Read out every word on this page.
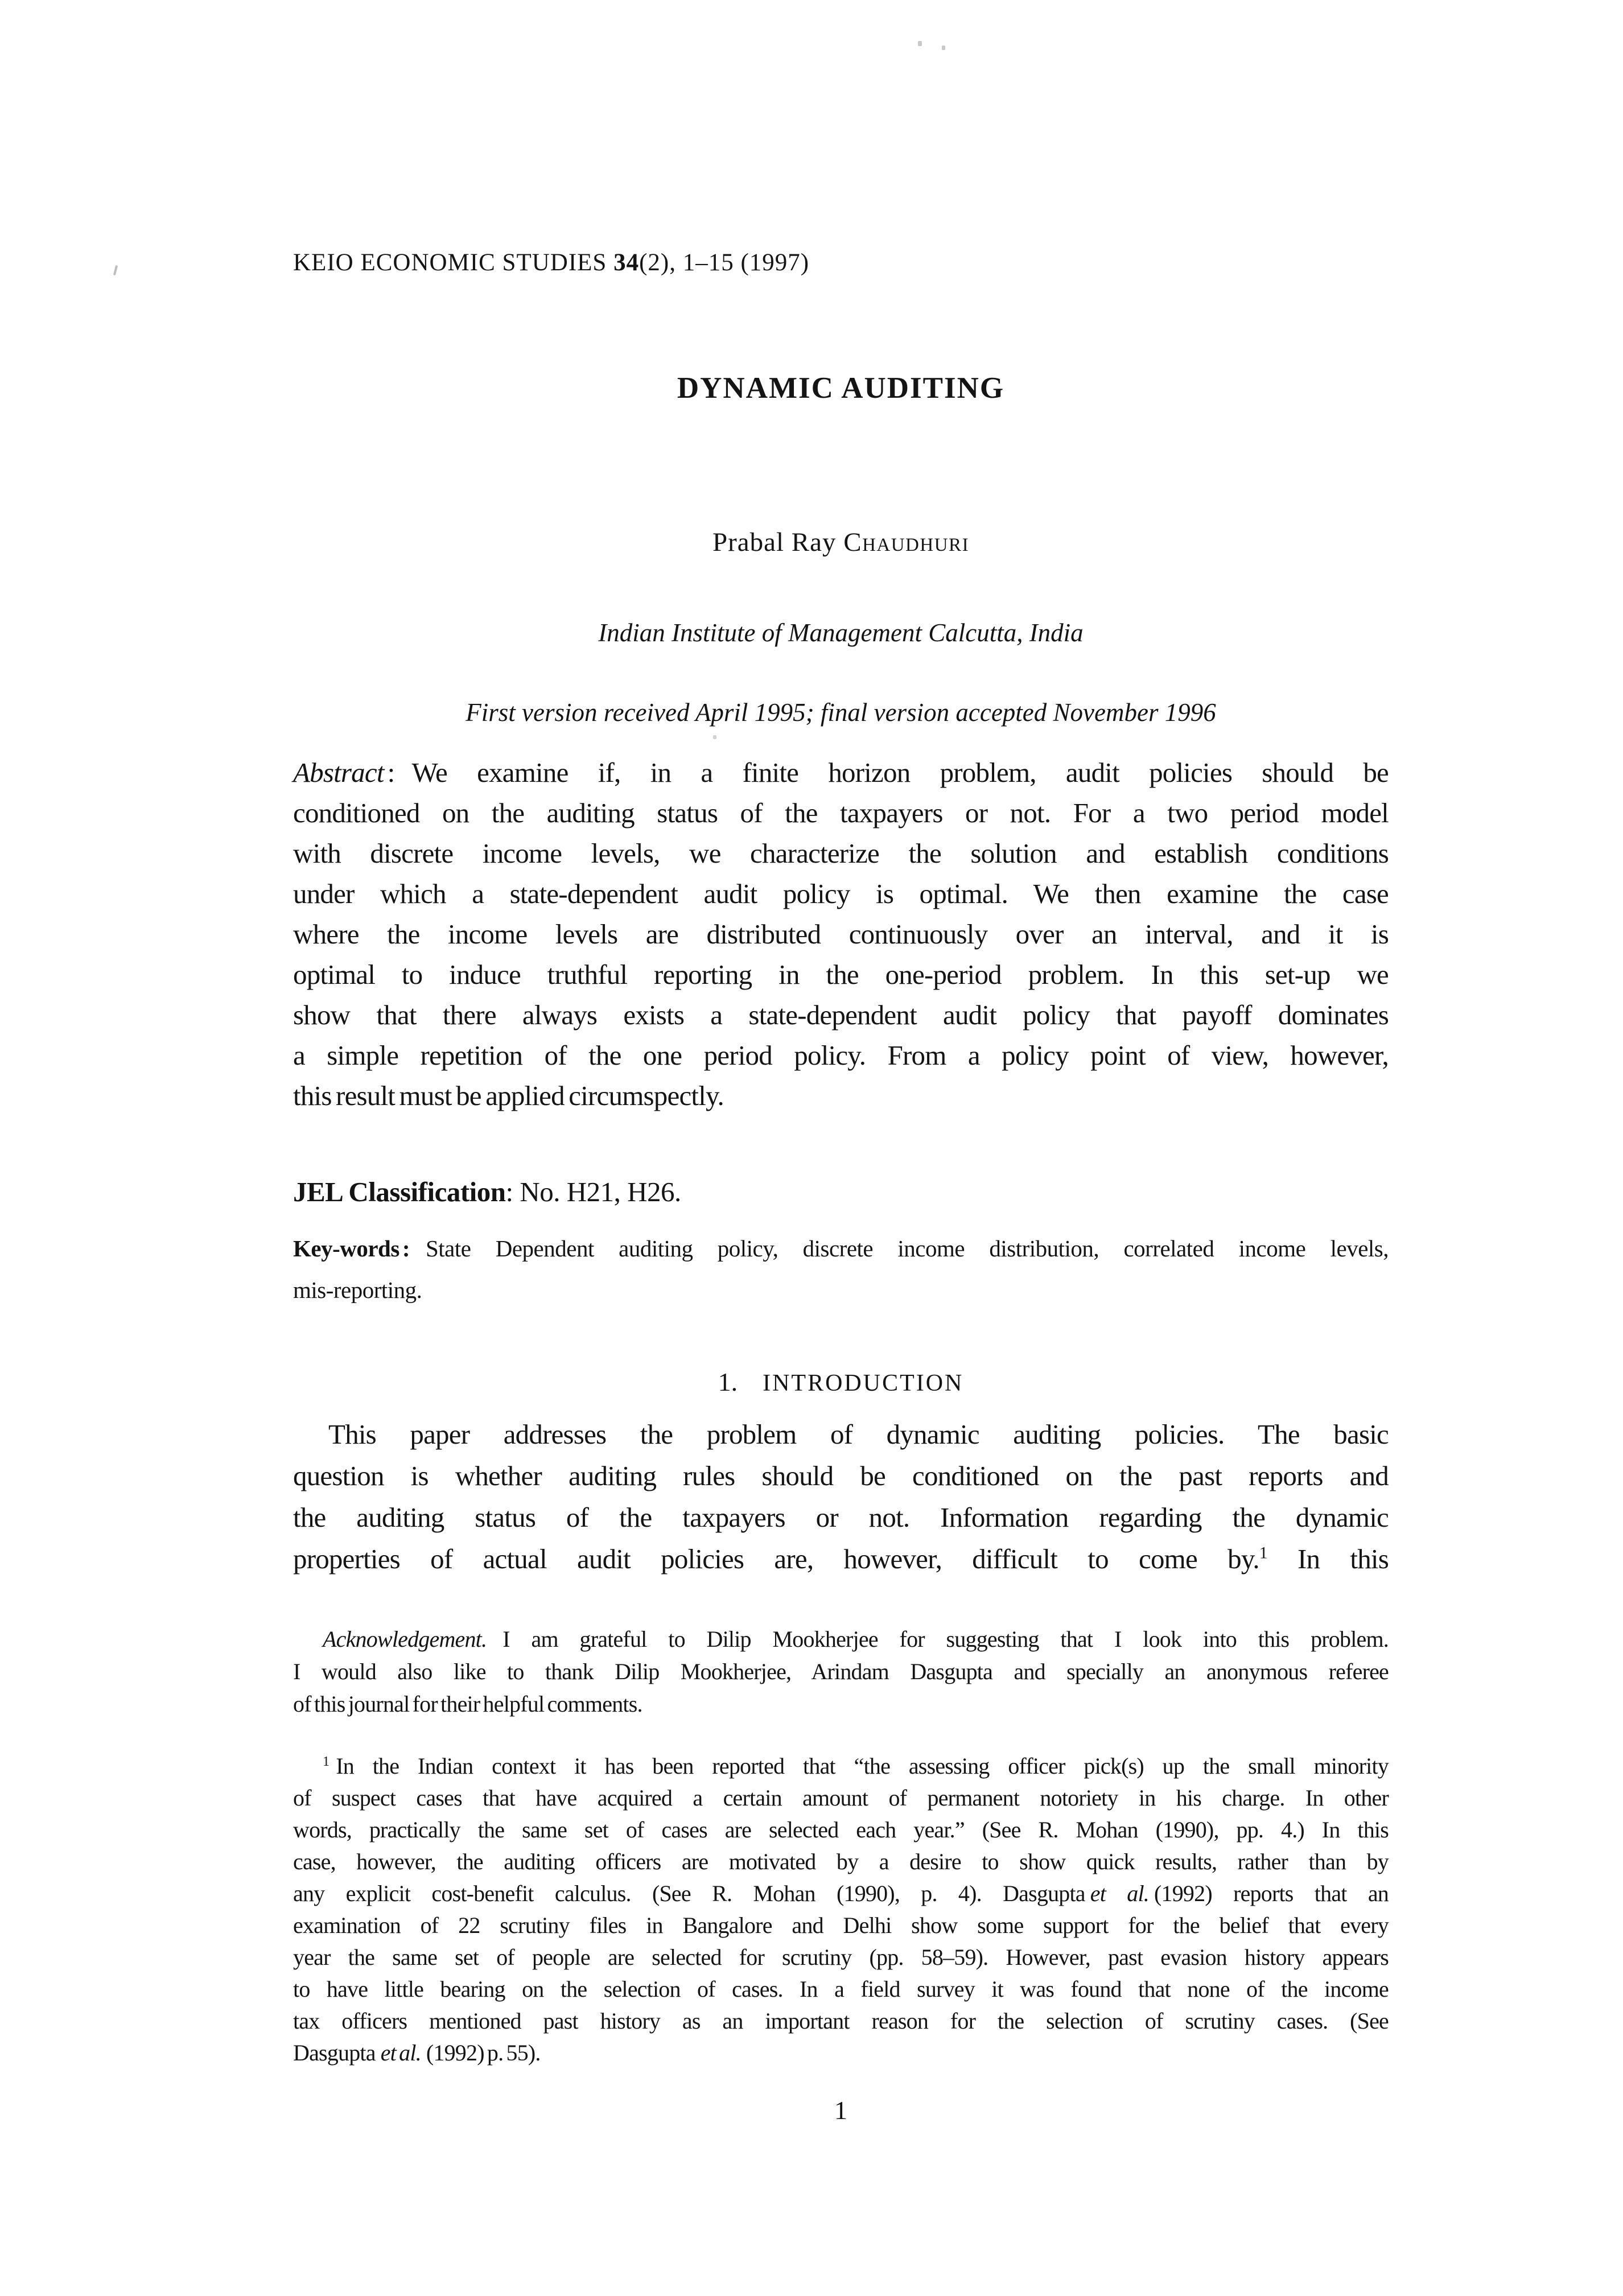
KEIO ECONOMIC STUDIES 34(2), 1–15 (1997)
DYNAMIC AUDITING
Prabal Ray Chaudhuri
Indian Institute of Management Calcutta, India
First version received April 1995; final version accepted November 1996
Abstract : We examine if, in a finite horizon problem, audit policies should be
conditioned on the auditing status of the taxpayers or not. For a two period model
with discrete income levels, we characterize the solution and establish conditions
under which a state-dependent audit policy is optimal. We then examine the case
where the income levels are distributed continuously over an interval, and it is
optimal to induce truthful reporting in the one-period problem. In this set-up we
show that there always exists a state-dependent audit policy that payoff dominates
a simple repetition of the one period policy. From a policy point of view, however,
this result must be applied circumspectly.
JEL Classification: No. H21, H26.
Key-words : State Dependent auditing policy, discrete income distribution, correlated income levels,
mis-reporting.
1. INTRODUCTION
This paper addresses the problem of dynamic auditing policies. The basic
question is whether auditing rules should be conditioned on the past reports and
the auditing status of the taxpayers or not. Information regarding the dynamic
properties of actual audit policies are, however, difficult to come by.$^1$ In this
Acknowledgement. I am grateful to Dilip Mookherjee for suggesting that I look into this problem.
I would also like to thank Dilip Mookherjee, Arindam Dasgupta and specially an anonymous referee
of this journal for their helpful comments.
$^1$ In the Indian context it has been reported that “the assessing officer pick(s) up the small minority
of suspect cases that have acquired a certain amount of permanent notoriety in his charge. In other
words, practically the same set of cases are selected each year.” (See R. Mohan (1990), pp. 4.) In this
case, however, the auditing officers are motivated by a desire to show quick results, rather than by
any explicit cost-benefit calculus. (See R. Mohan (1990), p. 4). Dasgupta et al. (1992) reports that an
examination of 22 scrutiny files in Bangalore and Delhi show some support for the belief that every
year the same set of people are selected for scrutiny (pp. 58–59). However, past evasion history appears
to have little bearing on the selection of cases. In a field survey it was found that none of the income
tax officers mentioned past history as an important reason for the selection of scrutiny cases. (See
Dasgupta et al. (1992) p. 55).
1
